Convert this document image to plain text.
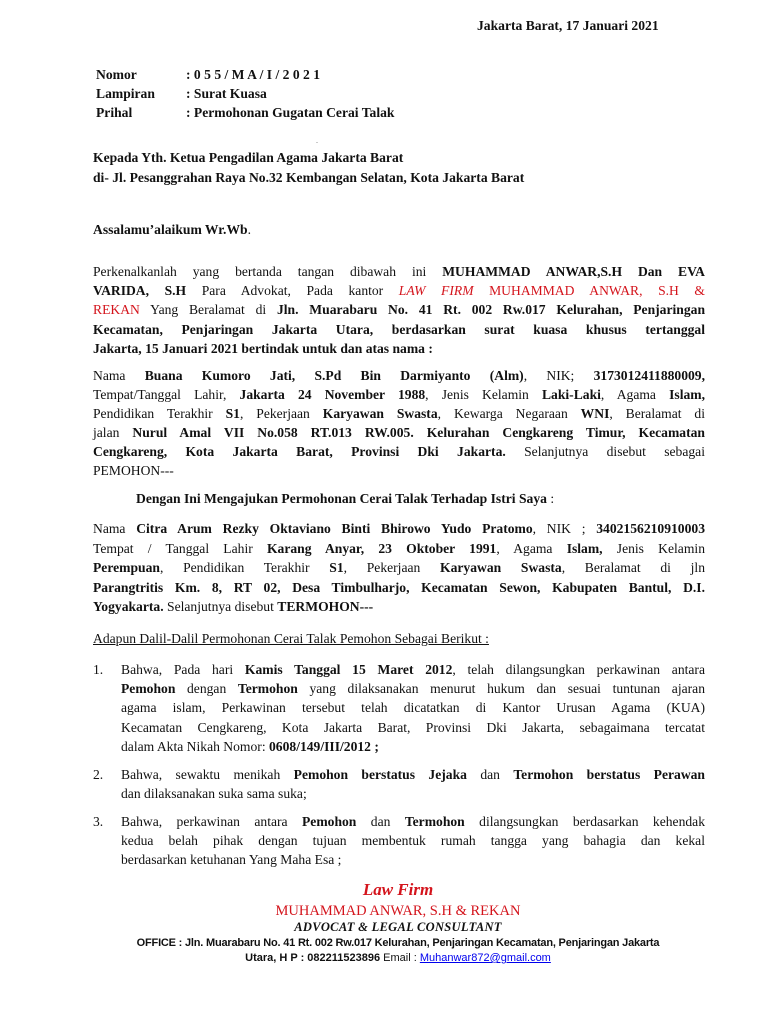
Jakarta Barat, 17 Januari 2021
Nomor	: 0 5 5 / M A / I / 2 0 2 1
Lampiran	: Surat Kuasa
Prihal	: Permohonan Gugatan Cerai Talak
.
Kepada Yth. Ketua Pengadilan Agama Jakarta Barat
di- Jl. Pesanggrahan Raya No.32 Kembangan Selatan, Kota Jakarta Barat
Assalamu’alaikum Wr.Wb.
Perkenalkanlah yang bertanda tangan dibawah ini MUHAMMAD ANWAR,S.H Dan EVA
VARIDA, S.H Para Advokat, Pada kantor LAW FIRM MUHAMMAD ANWAR, S.H &
REKAN Yang Beralamat di Jln. Muarabaru No. 41 Rt. 002 Rw.017 Kelurahan, Penjaringan
Kecamatan, Penjaringan Jakarta Utara, berdasarkan surat kuasa khusus tertanggal
Jakarta, 15 Januari 2021 bertindak untuk dan atas nama :
Nama Buana Kumoro Jati, S.Pd Bin Darmiyanto (Alm), NIK; 3173012411880009,
Tempat/Tanggal Lahir, Jakarta 24 November 1988, Jenis Kelamin Laki-Laki, Agama Islam,
Pendidikan Terakhir S1, Pekerjaan Karyawan Swasta, Kewarga Negaraan WNI, Beralamat di
jalan Nurul Amal VII No.058 RT.013 RW.005. Kelurahan Cengkareng Timur, Kecamatan
Cengkareng, Kota Jakarta Barat, Provinsi Dki Jakarta. Selanjutnya disebut sebagai
PEMOHON---
Dengan Ini Mengajukan Permohonan Cerai Talak Terhadap Istri Saya :
Nama Citra Arum Rezky Oktaviano Binti Bhirowo Yudo Pratomo, NIK ; 3402156210910003
Tempat / Tanggal Lahir Karang Anyar, 23 Oktober 1991, Agama Islam, Jenis Kelamin
Perempuan, Pendidikan Terakhir S1, Pekerjaan Karyawan Swasta, Beralamat di jln
Parangtritis Km. 8, RT 02, Desa Timbulharjo, Kecamatan Sewon, Kabupaten Bantul, D.I.
Yogyakarta. Selanjutnya disebut TERMOHON---
Adapun Dalil-Dalil Permohonan Cerai Talak Pemohon Sebagai Berikut :
1. Bahwa, Pada hari Kamis Tanggal 15 Maret 2012, telah dilangsungkan perkawinan antara
Pemohon dengan Termohon yang dilaksanakan menurut hukum dan sesuai tuntunan ajaran
agama islam, Perkawinan tersebut telah dicatatkan di Kantor Urusan Agama (KUA)
Kecamatan Cengkareng, Kota Jakarta Barat, Provinsi Dki Jakarta, sebagaimana tercatat
dalam Akta Nikah Nomor: 0608/149/III/2012 ;
2. Bahwa, sewaktu menikah Pemohon berstatus Jejaka dan Termohon berstatus Perawan
dan dilaksanakan suka sama suka;
3. Bahwa, perkawinan antara Pemohon dan Termohon dilangsungkan berdasarkan kehendak
kedua belah pihak dengan tujuan membentuk rumah tangga yang bahagia dan kekal
berdasarkan ketuhanan Yang Maha Esa ;
Law Firm
MUHAMMAD ANWAR, S.H & REKAN
ADVOCAT & LEGAL CONSULTANT
OFFICE : Jln. Muarabaru No. 41 Rt. 002 Rw.017 Kelurahan, Penjaringan Kecamatan, Penjaringan Jakarta
Utara, H P : 082211523896 Email : Muhanwar872@gmail.com
